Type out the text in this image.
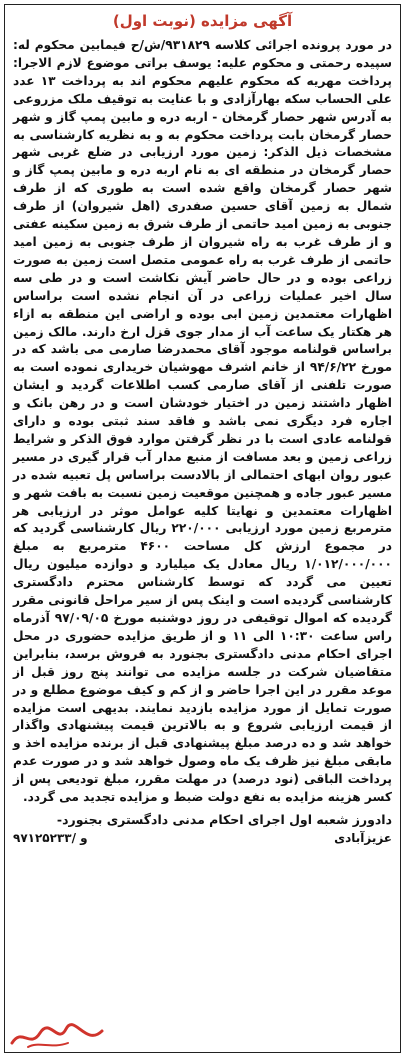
آگهی مزایده (نوبت اول)
در مورد پرونده اجرائی کلاسه ۹۳۱۸۲۹/ش/ح فیمابین محکوم له: سپیده رحمتی و محکوم علیه: یوسف براتی موضوع لازم الاجرا: پرداخت مهریه که محکوم علیهم محکوم اند به پرداخت ۱۳ عدد علی الحساب سکه بهارآزادی و با عنایت به توقیف ملک مزروعی به آدرس شهر حصار گرمخان - اربه دره و مابین پمپ گاز و شهر حصار گرمخان بابت پرداخت محکوم به و به نظریه کارشناسی به مشخصات ذیل الذکر: زمین مورد ارزیابی در ضلع غربی شهر حصار گرمخان در منطقه ای به نام اربه دره و مابین پمپ گاز و شهر حصار گرمخان واقع شده است به طوری که از طرف شمال به زمین آقای حسین صفدری (اهل شیروان) از طرف جنوبی به زمین امید حاتمی از طرف شرق به زمین سکینه عفتی و از طرف غرب به راه شیروان از طرف جنوبی به زمین امید حاتمی از طرف غرب به راه عمومی متصل است زمین به صورت زراعی بوده و در حال حاضر آیش نکاشت است و در طی سه سال اخیر عملیات زراعی در آن انجام نشده است براساس اظهارات معتمدین زمین ابی بوده و اراضی این منطقه به ازاء هر هکتار یک ساعت آب از مدار جوی قزل ارخ دارند. مالک زمین براساس قولنامه موجود آقای محمدرضا صارمی می باشد که در مورخ ۹۴/۶/۲۲ از خانم اشرف مهوشیان خریداری نموده است به صورت تلفنی از آقای صارمی کسب اطلاعات گردید و ایشان اظهار داشتند زمین در اختیار خودشان است و در رهن بانک و اجاره فرد دیگری نمی باشد و فاقد سند ثبتی بوده و دارای قولنامه عادی است با در نظر گرفتن موارد فوق الذکر و شرایط زراعی زمین و بعد مسافت از منبع مدار آب قرار گیری در مسیر عبور روان ابهای احتمالی از بالادست براساس پل تعبیه شده در مسیر عبور جاده و همچنین موقعیت زمین نسبت به بافت شهر و اظهارات معتمدین و نهایتا کلیه عوامل موثر در ارزیابی هر مترمربع زمین مورد ارزیابی ۲۲۰/۰۰۰ ریال کارشناسی گردید که در مجموع ارزش کل مساحت ۴۶۰۰ مترمربع به مبلغ ۱/۰۱۲/۰۰۰/۰۰۰ ریال معادل یک میلیارد و دوازده میلیون ریال تعیین می گردد که توسط کارشناس محترم دادگستری کارشناسی گردیده است و اینک پس از سیر مراحل قانونی مقرر گردیده که اموال توقیفی در روز دوشنبه مورخ ۹۷/۰۹/۰۵ آذرماه راس ساعت ۱۰:۳۰ الی ۱۱ و از طریق مزایده حضوری در محل اجرای احکام مدنی دادگستری بجنورد به فروش برسد، بنابراین متقاضیان شرکت در جلسه مزایده می توانند پنج روز قبل از موعد مقرر در این اجرا حاضر و از کم و کیف موضوع مطلع و در صورت تمایل از مورد مزایده بازدید نمایند. بدیهی است مزایده از قیمت ارزیابی شروع و به بالاترین قیمت پیشنهادی واگذار خواهد شد و ده درصد مبلغ پیشنهادی قبل از برنده مزایده اخذ و مابقی مبلغ نیز ظرف یک ماه وصول خواهد شد و در صورت عدم پرداخت الباقی (نود درصد) در مهلت مقرر، مبلغ تودیعی پس از کسر هزینه مزایده به نفع دولت ضبط و مزایده تجدید می گردد.
دادورز شعبه اول اجرای احکام مدنی دادگستری بجنورد-
عزیزآبادی
۹۷۱۲۵۲۳۳/ و
